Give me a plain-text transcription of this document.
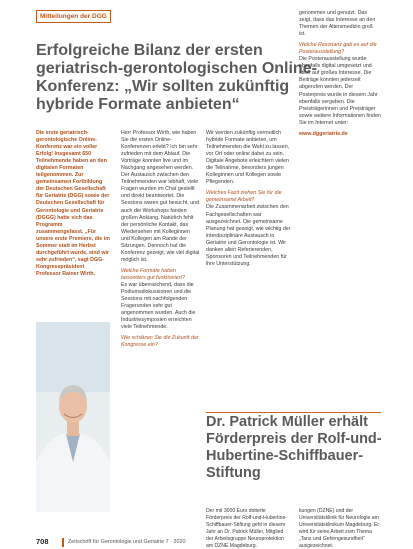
Mitteilungen der DGG
Erfolgreiche Bilanz der ersten geriatrisch-gerontologischen Online-Konferenz: „Wir sollten zukünftig hybride Formate anbieten“

Die erste geriatrisch-gerontologische Online-Konferenz war ein voller Erfolg! Insgesamt 650 Teilnehmende haben an den digitalen Formaten teilgenommen. Zur gemeinsamen Fortbildung der Deutschen Gesellschaft für Geriatrie (DGG) sowie der Deutschen Gesellschaft für Gerontologie und Geriatrie (DGGG) hatte sich das Programm zusammengefasst. „Für unsere erste Premiere, die im Sommer statt im Herbst durchgeführt wurde, sind wir sehr zufrieden“, sagt DGG-Kongresspräsident Professor Rainer Wirth.

Herr Professor Wirth, wie haben Sie die ersten Online-Konferenzen erlebt? Ich bin sehr zufrieden mit dem Ablauf. Die Vorträge konnten live und im Nachgang angesehen werden. Der Austausch zwischen den Teilnehmenden war lebhaft, viele Fragen wurden im Chat gestellt und direkt beantwortet. Die Sessions waren gut besucht, und auch die Workshops fanden großen Anklang. Natürlich fehlt der persönliche Kontakt, das Wiedersehen mit Kolleginnen und Kollegen am Rande der Sitzungen. Dennoch hat die Konferenz gezeigt, wie viel digital möglich ist.

Welche Formate haben besonders gut funktioniert?

Es war überraschend, dass die Podiumsdiskussionen und die Sessions mit nachfolgenden Fragerunden sehr gut angenommen wurden. Auch die Industriesymposien erreichten viele Teilnehmende.

Wie schätzen Sie die Zukunft der Kongresse ein?

Wir werden zukünftig vermutlich hybride Formate anbieten, um Teilnehmenden die Wahl zu lassen, vor Ort oder online dabei zu sein. Digitale Angebote erleichtern vielen die Teilnahme, besonders jungen Kolleginnen und Kollegen sowie Pflegenden.

Welches Fazit ziehen Sie für die gemeinsame Arbeit?

Die Zusammenarbeit zwischen den Fachgesellschaften war ausgezeichnet. Die gemeinsame Planung hat gezeigt, wie wichtig der interdisziplinäre Austausch in Geriatrie und Gerontologie ist. Wir danken allen Referierenden, Sponsoren und Teilnehmenden für ihre Unterstützung.

genommen und genutzt. Das zeigt, dass das Interesse an den Themen der Altersmedizin groß ist.

Welche Resonanz gab es auf die Posterausstellung?

Die Posterausstellung wurde ebenfalls digital umgesetzt und stieß auf großes Interesse. Die Beiträge konnten jederzeit abgerufen werden. Der Posterpreis wurde in diesem Jahr ebenfalls vergeben. Die Preisträgerinnen und Preisträger sowie weitere Informationen finden Sie im Internet unter:

www.dggeriatrie.de

Dr. Patrick Müller erhält Förderpreis der Rolf-und-Hubertine-Schiffbauer-Stiftung

Der mit 3000 Euro dotierte Förderpreis der Rolf-und-Hubertine-Schiffbauer-Stiftung geht in diesem Jahr an Dr. Patrick Müller, Mitglied der Arbeitsgruppe Neuroprotektion am DZNE Magdeburg.

kungen (DZNE) und der Universitätsklinik für Neurologie am Universitätsklinikum Magdeburg. Er wird für seine Arbeit zum Thema „Tanz und Gehirngesundheit“ ausgezeichnet.

708	Zeitschrift für Gerontologie und Geriatrie 7 · 2020
